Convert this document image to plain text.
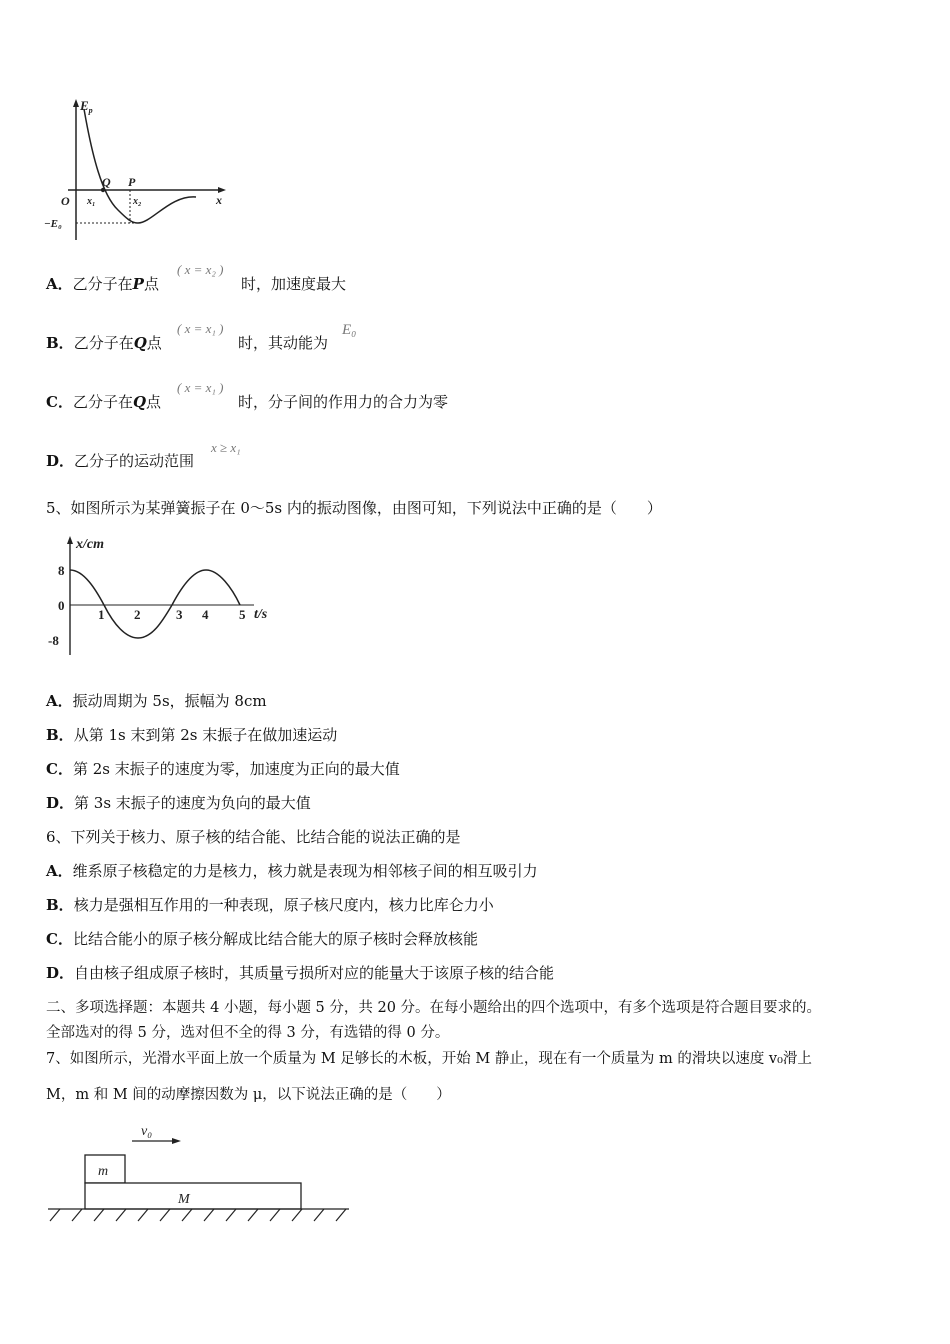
$E_p$
O
Q P
x₁	x₂	x
−E₀
A．乙分子在P点
( x = x₂ )
时，加速度最大
B．乙分子在Q点
( x = x₁ )
时，其动能为
E₀
C．乙分子在Q点
( x = x₁ )
时，分子间的作用力的合力为零
D．乙分子的运动范围
x ≥ x₁
5、如图所示为某弹簧振子在 0～5s 内的振动图像，由图可知，下列说法中正确的是（　　）
x/cm
8
0
-8
1 2	3 4 5 t/s
A．振动周期为 5s，振幅为 8cm
B．从第 1s 末到第 2s 末振子在做加速运动
C．第 2s 末振子的速度为零，加速度为正向的最大值
D．第 3s 末振子的速度为负向的最大值
6、下列关于核力、原子核的结合能、比结合能的说法正确的是
A．维系原子核稳定的力是核力，核力就是表现为相邻核子间的相互吸引力
B．核力是强相互作用的一种表现，原子核尺度内，核力比库仑力小
C．比结合能小的原子核分解成比结合能大的原子核时会释放核能
D．自由核子组成原子核时，其质量亏损所对应的能量大于该原子核的结合能
二、多项选择题：本题共 4 小题，每小题 5 分，共 20 分。在每小题给出的四个选项中，有多个选项是符合题目要求的。
全部选对的得 5 分，选对但不全的得 3 分，有选错的得 0 分。
7、如图所示，光滑水平面上放一个质量为 M 足够长的木板，开始 M 静止，现在有一个质量为 m 的滑块以速度 v₀滑上
M，m 和 M 间的动摩擦因数为 μ，以下说法正确的是（　　）
v₀
m
M
